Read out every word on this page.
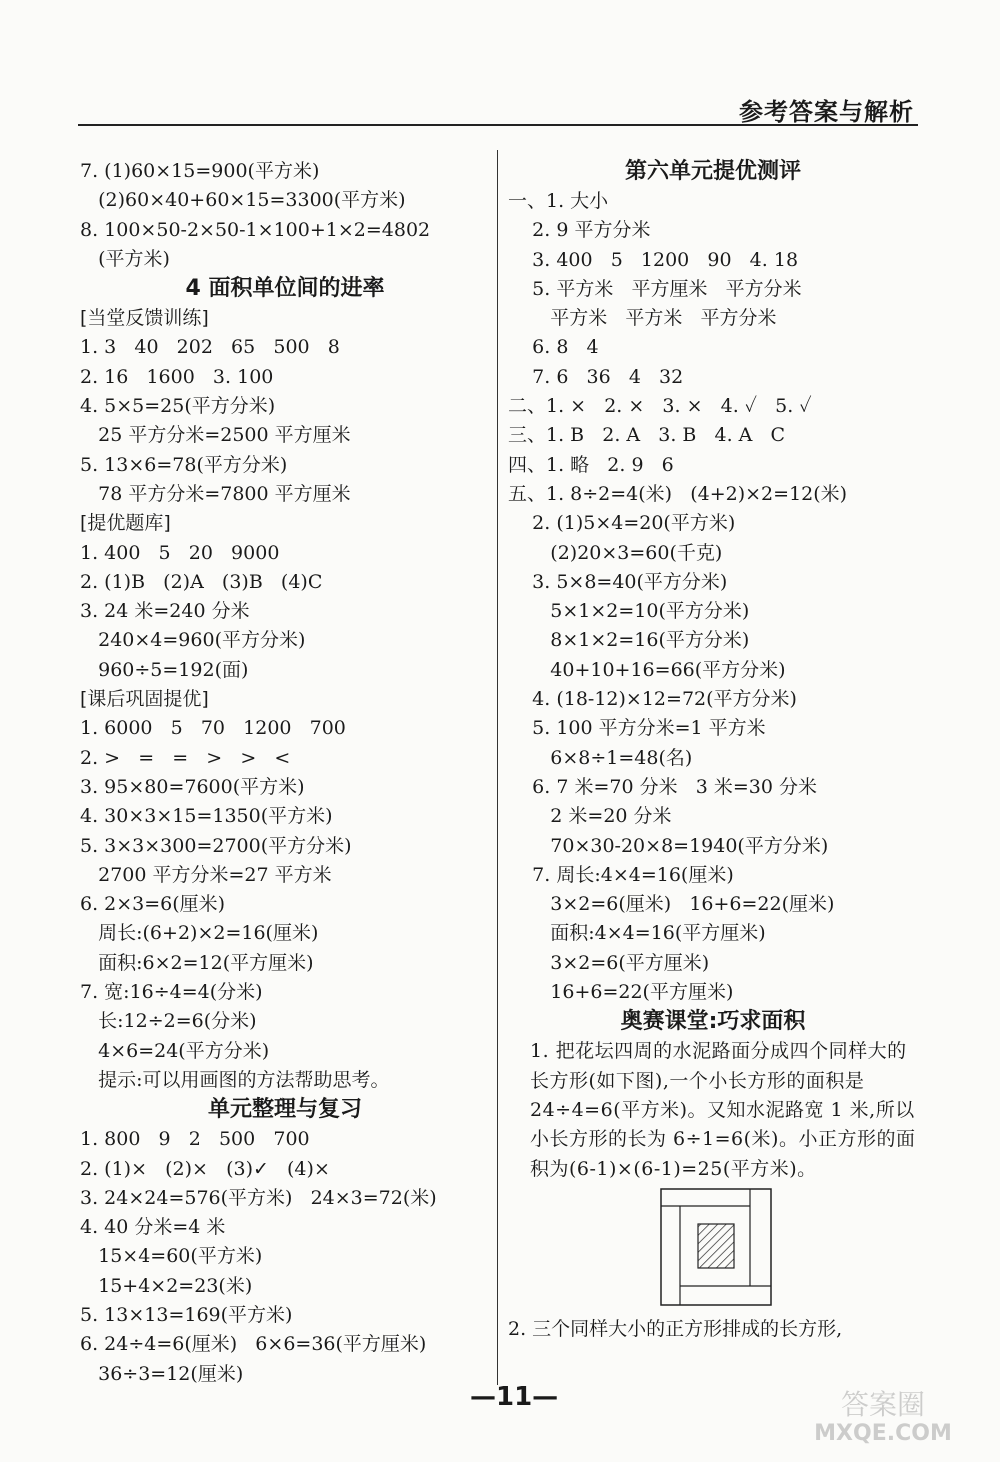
参考答案与解析
7. (1)60×15=900(平方米)
(2)60×40+60×15=3300(平方米)
8. 100×50-2×50-1×100+1×2=4802
(平方米)
4 面积单位间的进率
[当堂反馈训练]
1. 3   40   202   65   500   8
2. 16   1600   3. 100
4. 5×5=25(平方分米)
25 平方分米=2500 平方厘米
5. 13×6=78(平方分米)
78 平方分米=7800 平方厘米
[提优题库]
1. 400   5   20   9000
2. (1)B   (2)A   (3)B   (4)C
3. 24 米=240 分米
240×4=960(平方分米)
960÷5=192(面)
[课后巩固提优]
1. 6000   5   70   1200   700
2. >   =   =   >   >   <
3. 95×80=7600(平方米)
4. 30×3×15=1350(平方米)
5. 3×3×300=2700(平方分米)
2700 平方分米=27 平方米
6. 2×3=6(厘米)
周长:(6+2)×2=16(厘米)
面积:6×2=12(平方厘米)
7. 宽:16÷4=4(分米)
长:12÷2=6(分米)
4×6=24(平方分米)
提示:可以用画图的方法帮助思考。
单元整理与复习
1. 800   9   2   500   700
2. (1)×   (2)×   (3)✓   (4)×
3. 24×24=576(平方米)   24×3=72(米)
4. 40 分米=4 米
15×4=60(平方米)
15+4×2=23(米)
5. 13×13=169(平方米)
6. 24÷4=6(厘米)   6×6=36(平方厘米)
36÷3=12(厘米)
第六单元提优测评
一、1. 大小
2. 9 平方分米
3. 400   5   1200   90   4. 18
5. 平方米   平方厘米   平方分米
平方米   平方米   平方分米
6. 8   4
7. 6   36   4   32
二、1. ×   2. ×   3. ×   4. ✓   5. ✓
三、1. B   2. A   3. B   4. A   C
四、1. 略   2. 9   6
五、1. 8÷2=4(米)   (4+2)×2=12(米)
2. (1)5×4=20(平方米)
(2)20×3=60(千克)
3. 5×8=40(平方分米)
5×1×2=10(平方分米)
8×1×2=16(平方分米)
40+10+16=66(平方分米)
4. (18-12)×12=72(平方分米)
5. 100 平方分米=1 平方米
6×8÷1=48(名)
6. 7 米=70 分米   3 米=30 分米
2 米=20 分米
70×30-20×8=1940(平方分米)
7. 周长:4×4=16(厘米)
3×2=6(厘米)   16+6=22(厘米)
面积:4×4=16(平方厘米)
3×2=6(平方厘米)
16+6=22(平方厘米)
奥赛课堂:巧求面积
1. 把花坛四周的水泥路面分成四个同样大的长方形(如下图),一个小长方形的面积是 24÷4=6(平方米)。又知水泥路宽 1 米,所以小长方形的长为 6÷1=6(米)。小正方形的面积为(6-1)×(6-1)=25(平方米)。
2. 三个同样大小的正方形排成的长方形,
—11—	答案圈
MXQE.COM
